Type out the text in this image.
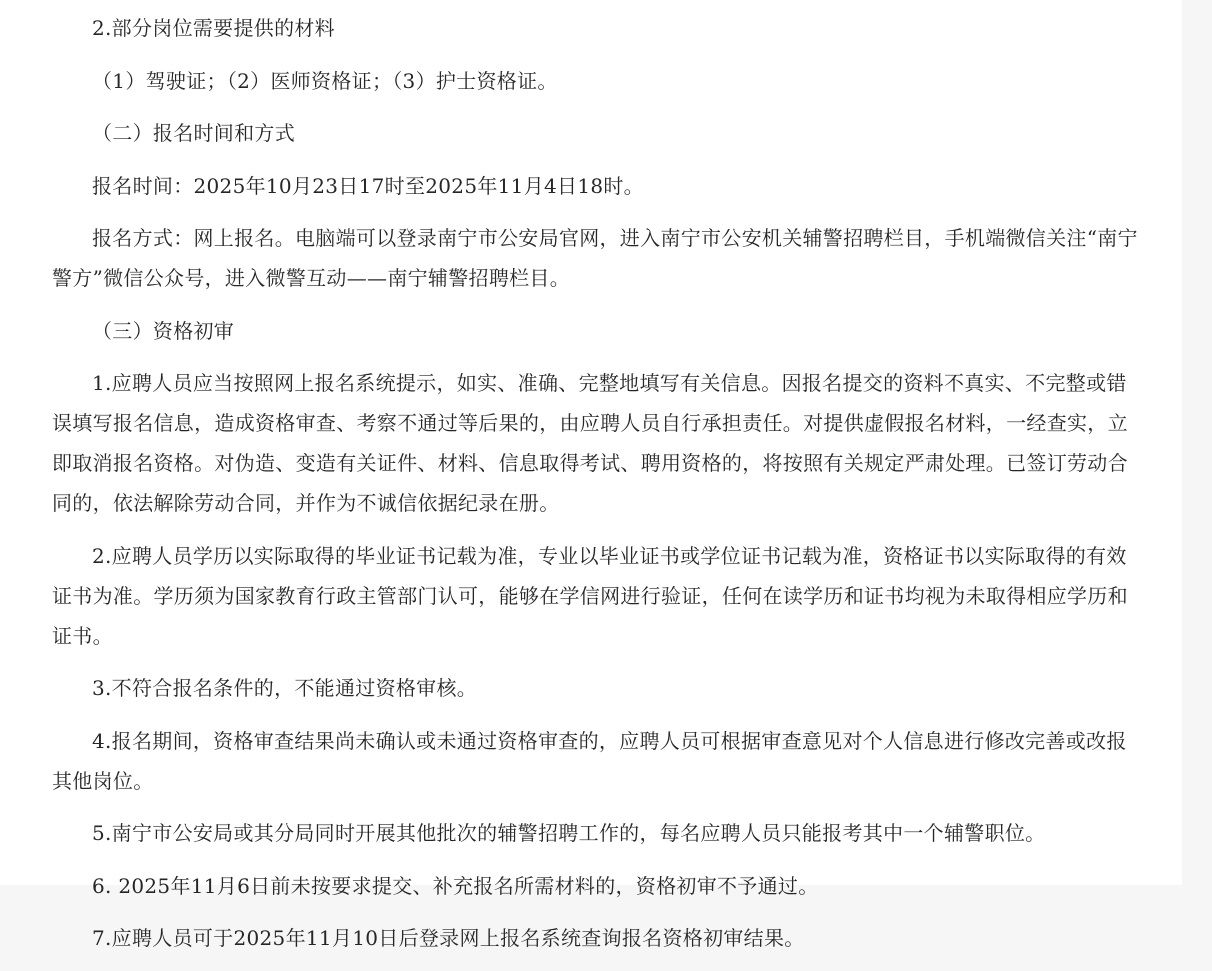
2.部分岗位需要提供的材料

（1）驾驶证；（2）医师资格证；（3）护士资格证。

（二）报名时间和方式

报名时间：2025年10月23日17时至2025年11月4日18时。

报名方式：网上报名。电脑端可以登录南宁市公安局官网，进入南宁市公安机关辅警招聘栏目，手机端微信关注“南宁警方”微信公众号，进入微警互动——南宁辅警招聘栏目。

（三）资格初审

1.应聘人员应当按照网上报名系统提示，如实、准确、完整地填写有关信息。因报名提交的资料不真实、不完整或错误填写报名信息，造成资格审查、考察不通过等后果的，由应聘人员自行承担责任。对提供虚假报名材料，一经查实，立即取消报名资格。对伪造、变造有关证件、材料、信息取得考试、聘用资格的，将按照有关规定严肃处理。已签订劳动合同的，依法解除劳动合同，并作为不诚信依据纪录在册。

2.应聘人员学历以实际取得的毕业证书记载为准，专业以毕业证书或学位证书记载为准，资格证书以实际取得的有效证书为准。学历须为国家教育行政主管部门认可，能够在学信网进行验证，任何在读学历和证书均视为未取得相应学历和证书。

3.不符合报名条件的，不能通过资格审核。

4.报名期间，资格审查结果尚未确认或未通过资格审查的，应聘人员可根据审查意见对个人信息进行修改完善或改报其他岗位。

5.南宁市公安局或其分局同时开展其他批次的辅警招聘工作的，每名应聘人员只能报考其中一个辅警职位。

6. 2025年11月6日前未按要求提交、补充报名所需材料的，资格初审不予通过。

7.应聘人员可于2025年11月10日后登录网上报名系统查询报名资格初审结果。
